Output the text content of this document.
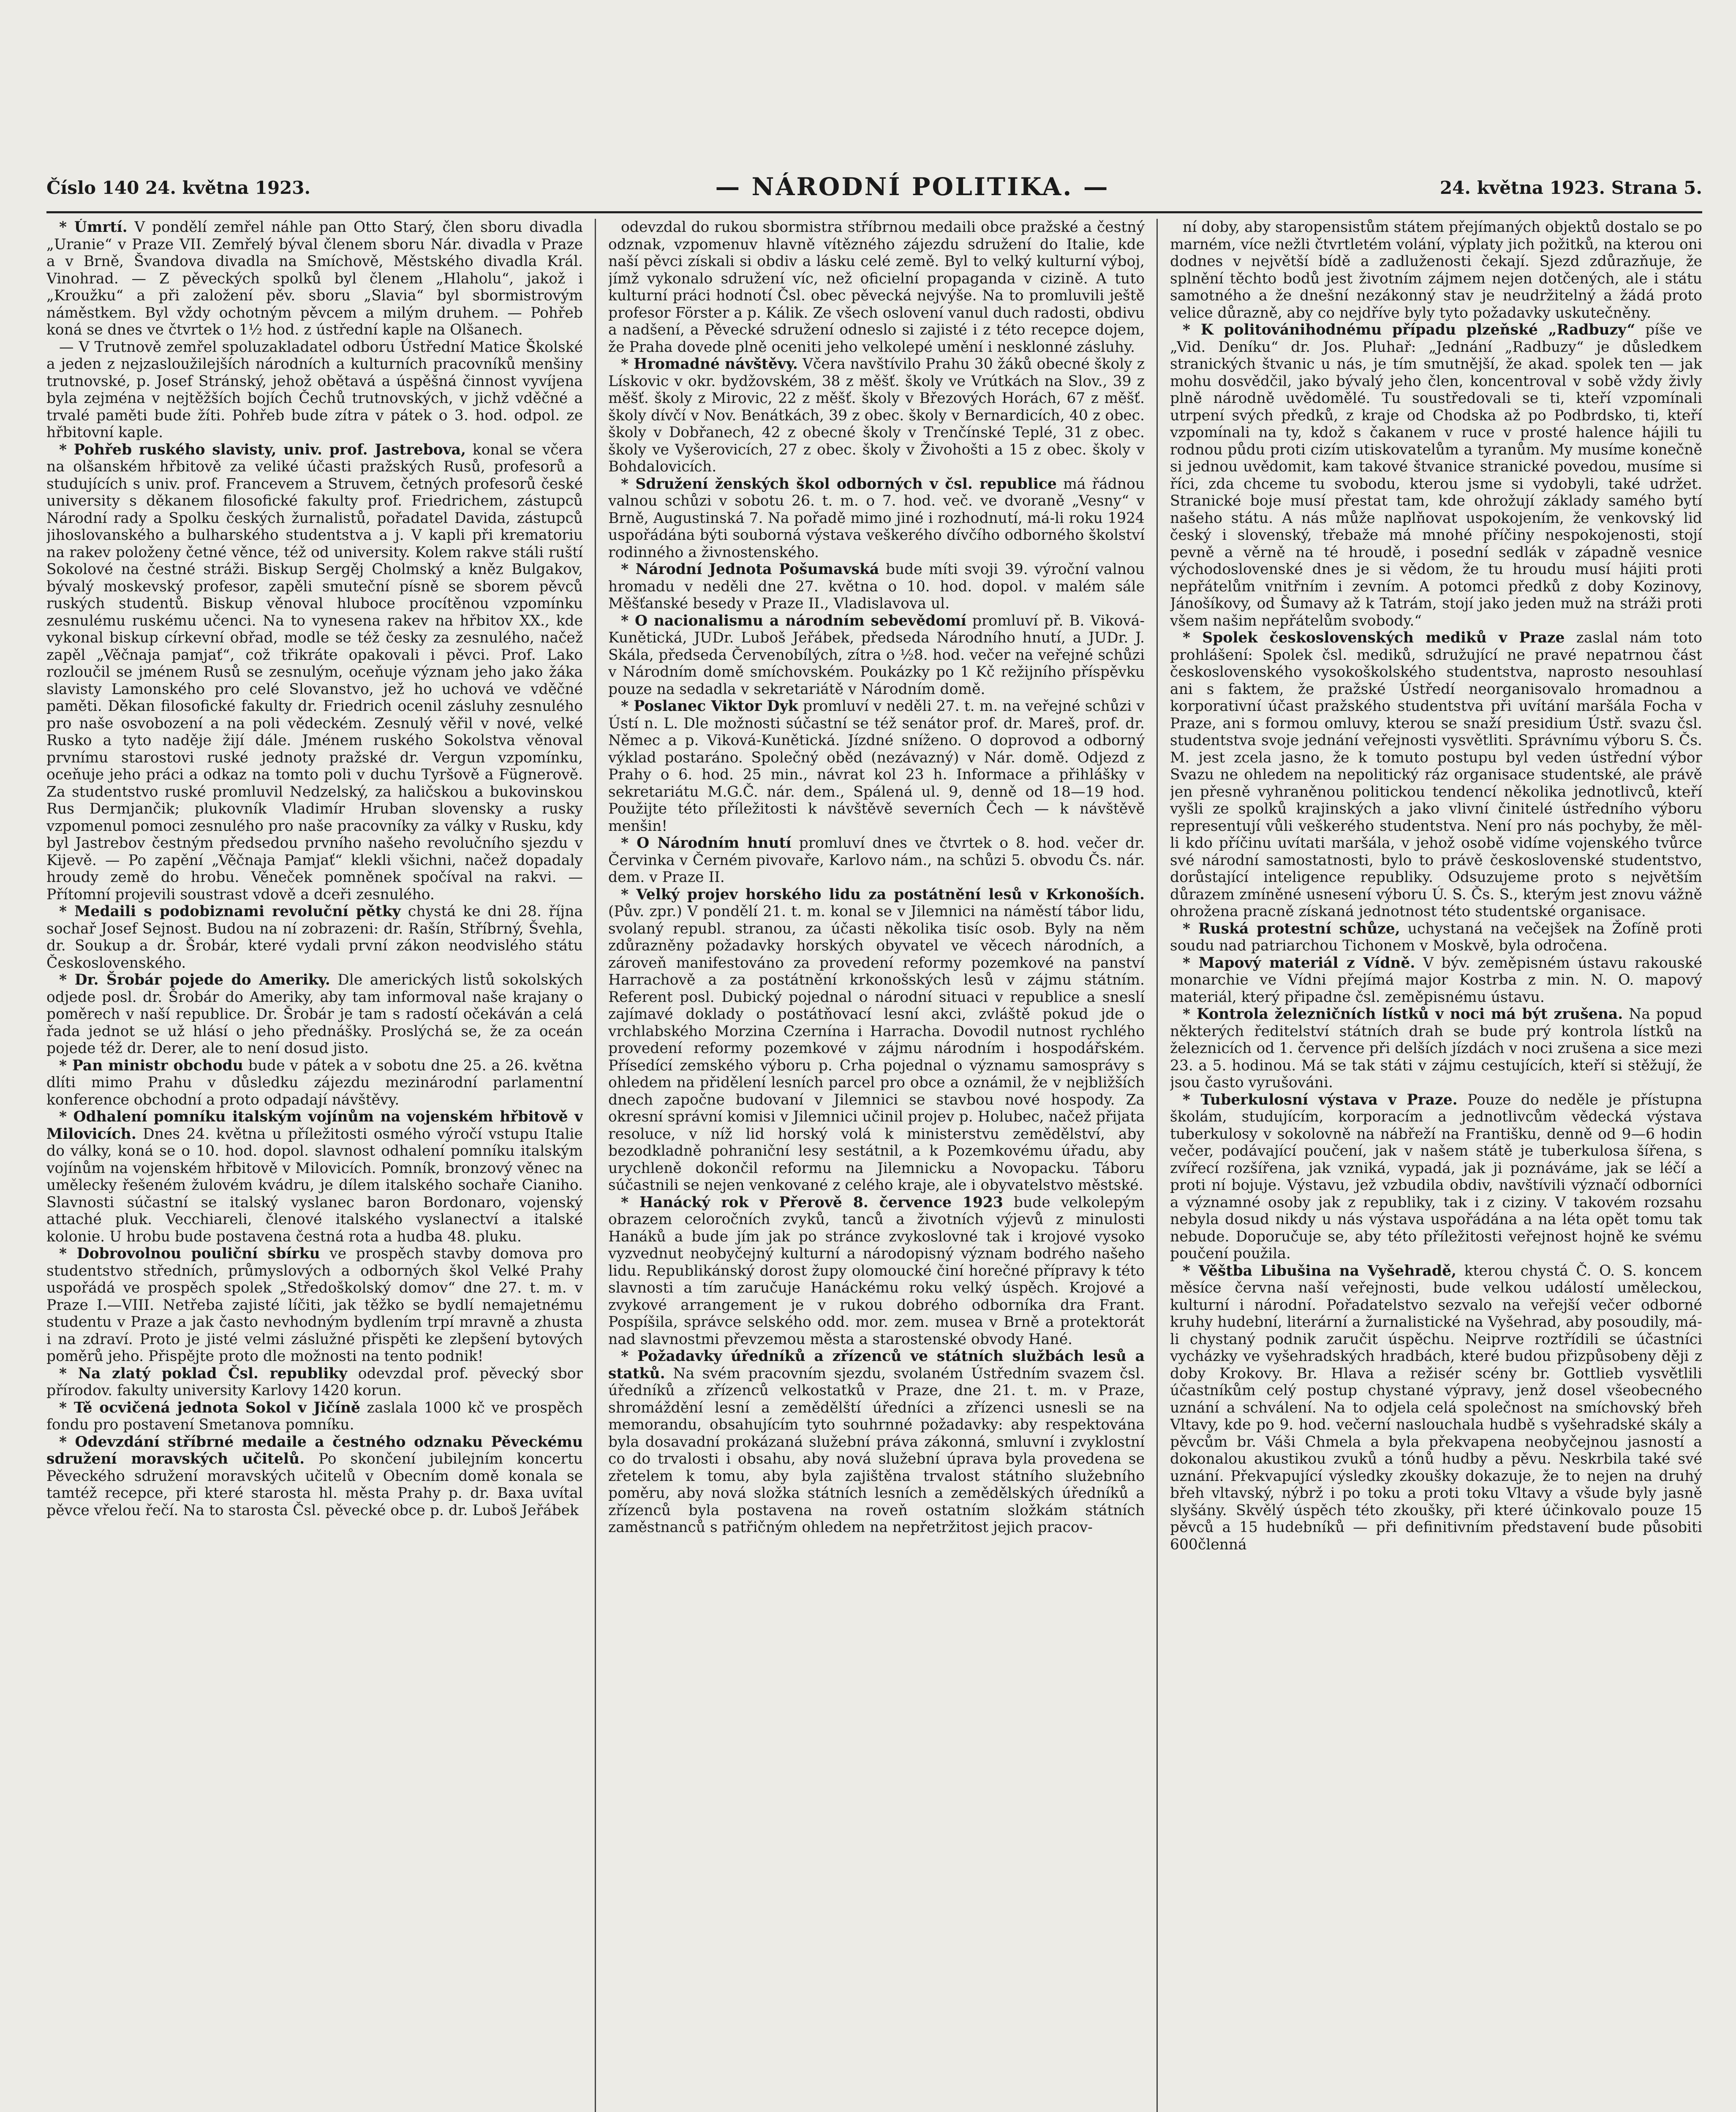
Číslo 140 24. května 1923.	— NÁRODNÍ POLITIKA. —	24. května 1923. Strana 5.

* Úmrtí. V pondělí zemřel náhle pan Otto Starý, člen sboru divadla „Uranie“ v Praze VII. Zemřelý býval členem sboru Nár. divadla v Praze a v Brně, Švandova divadla na Smíchově, Městského divadla Král. Vinohrad. — Z pěveckých spolků byl členem „Hlaholu“, jakož i „Kroužku“ a při založení pěv. sboru „Slavia“ byl sbormistrovým náměstkem. Byl vždy ochotným pěvcem a milým druhem. — Pohřeb koná se dnes ve čtvrtek o 1½ hod. z ústřední kaple na Olšanech.

— V Trutnově zemřel spoluzakladatel odboru Ústřední Matice Školské a jeden z nejzasloužilejších národních a kulturních pracovníků menšiny trutnovské, p. Josef Stránský, jehož obětavá a úspěšná činnost vyvíjena byla zejména v nejtěžších bojích Čechů trutnovských, v jichž vděčné a trvalé paměti bude žíti. Pohřeb bude zítra v pátek o 3. hod. odpol. ze hřbitovní kaple.

* Pohřeb ruského slavisty, univ. prof. Jastrebova, konal se včera na olšanském hřbitově za veliké účasti pražských Rusů, profesorů a studujících s univ. prof. Francevem a Struvem, četných profesorů české university s děkanem filosofické fakulty prof. Friedrichem, zástupců Národní rady a Spolku českých žurnalistů, pořadatel Davida, zástupců jihoslovanského a bulharského studentstva a j. V kapli při krematoriu na rakev položeny četné věnce, též od university. Kolem rakve stáli ruští Sokolové na čestné stráži. Biskup Sergěj Cholmský a kněz Bulgakov, bývalý moskevský profesor, zapěli smuteční písně se sborem pěvců ruských studentů. Biskup věnoval hluboce procítěnou vzpomínku zesnulému ruskému učenci. Na to vynesena rakev na hřbitov XX., kde vykonal biskup církevní obřad, modle se též česky za zesnulého, načež zapěl „Věčnaja pamjať“, což třikráte opakovali i pěvci. Prof. Lako rozloučil se jménem Rusů se zesnulým, oceňuje význam jeho jako žáka slavisty Lamonského pro celé Slovanstvo, jež ho uchová ve vděčné paměti. Děkan filosofické fakulty dr. Friedrich ocenil zásluhy zesnulého pro naše osvobození a na poli vědeckém. Zesnulý věřil v nové, velké Rusko a tyto naděje žijí dále. Jménem ruského Sokolstva věnoval prvnímu starostovi ruské jednoty pražské dr. Vergun vzpomínku, oceňuje jeho práci a odkaz na tomto poli v duchu Tyršově a Fügnerově. Za studentstvo ruské promluvil Nedzelský, za haličskou a bukovinskou Rus Dermjančik; plukovník Vladimír Hruban slovensky a rusky vzpomenul pomoci zesnulého pro naše pracovníky za války v Rusku, kdy byl Jastrebov čestným předsedou prvního našeho revolučního sjezdu v Kijevě. — Po zapění „Věčnaja Pamjať“ klekli všichni, načež dopadaly hroudy země do hrobu. Věneček pomněnek spočíval na rakvi. — Přítomní projevili soustrast vdově a dceři zesnulého.

* Medaili s podobiznami revoluční pětky chystá ke dni 28. října sochař Josef Sejnost. Budou na ní zobrazeni: dr. Rašín, Stříbrný, Švehla, dr. Soukup a dr. Šrobár, které vydali první zákon neodvislého státu Československého.

* Dr. Šrobár pojede do Ameriky. Dle amerických listů sokolských odjede posl. dr. Šrobár do Ameriky, aby tam informoval naše krajany o poměrech v naší republice. Dr. Šrobár je tam s radostí očekáván a celá řada jednot se už hlásí o jeho přednášky. Proslýchá se, že za oceán pojede též dr. Derer, ale to není dosud jisto.

* Pan ministr obchodu bude v pátek a v sobotu dne 25. a 26. května dlíti mimo Prahu v důsledku zájezdu mezinárodní parlamentní konference obchodní a proto odpadají návštěvy.

* Odhalení pomníku italským vojínům na vojenském hřbitově v Milovicích. Dnes 24. května u příležitosti osmého výročí vstupu Italie do války, koná se o 10. hod. dopol. slavnost odhalení pomníku italským vojínům na vojenském hřbitově v Milovicích. Pomník, bronzový věnec na umělecky řešeném žulovém kvádru, je dílem italského sochaře Cianiho. Slavnosti súčastní se italský vyslanec baron Bordonaro, vojenský attaché pluk. Vecchiareli, členové italského vyslanectví a italské kolonie. U hrobu bude postavena čestná rota a hudba 48. pluku.

* Dobrovolnou pouliční sbírku ve prospěch stavby domova pro studentstvo středních, průmyslových a odborných škol Velké Prahy uspořádá ve prospěch spolek „Středoškolský domov“ dne 27. t. m. v Praze I.—VIII. Netřeba zajisté líčiti, jak těžko se bydlí nemajetnému studentu v Praze a jak často nevhodným bydlením trpí mravně a zhusta i na zdraví. Proto je jisté velmi záslužné přispěti ke zlepšení bytových poměrů jeho. Přispějte proto dle možnosti na tento podnik!

* Na zlatý poklad Čsl. republiky odevzdal prof. pěvecký sbor přírodov. fakulty university Karlovy 1420 korun.

* Tě ocvičená jednota Sokol v Jičíně zaslala 1000 kč ve prospěch fondu pro postavení Smetanova pomníku.

* Odevzdání stříbrné medaile a čestného odznaku Pěveckému sdružení moravských učitelů. Po skončení jubilejním koncertu Pěveckého sdružení moravských učitelů v Obecním domě konala se tamtéž recepce, při které starosta hl. města Prahy p. dr. Baxa uvítal pěvce vřelou řečí. Na to starosta Čsl. pěvecké obce p. dr. Luboš Jeřábek

odevzdal do rukou sbormistra stříbrnou medaili obce pražské a čestný odznak, vzpomenuv hlavně vítězného zájezdu sdružení do Italie, kde naší pěvci získali si obdiv a lásku celé země. Byl to velký kulturní výboj, jímž vykonalo sdružení víc, než oficielní propaganda v cizině. A tuto kulturní práci hodnotí Čsl. obec pěvecká nejvýše. Na to promluvili ještě profesor Förster a p. Kálik. Ze všech oslovení vanul duch radosti, obdivu a nadšení, a Pěvecké sdružení odneslo si zajisté i z této recepce dojem, že Praha dovede plně oceniti jeho velkolepé umění i nesklonné zásluhy.

* Hromadné návštěvy. Včera navštívilo Prahu 30 žáků obecné školy z Lískovic v okr. bydžovském, 38 z měšť. školy ve Vrútkách na Slov., 39 z měšť. školy z Mirovic, 22 z měšť. školy v Březových Horách, 67 z měšť. školy dívčí v Nov. Benátkách, 39 z obec. školy v Bernardicích, 40 z obec. školy v Dobřanech, 42 z obecné školy v Trenčínské Teplé, 31 z obec. školy ve Vyšerovicích, 27 z obec. školy v Živohošti a 15 z obec. školy v Bohdalovicích.

* Sdružení ženských škol odborných v čsl. republice má řádnou valnou schůzi v sobotu 26. t. m. o 7. hod. več. ve dvoraně „Vesny“ v Brně, Augustinská 7. Na pořadě mimo jiné i rozhodnutí, má-li roku 1924 uspořádána býti souborná výstava veškerého dívčího odborného školství rodinného a živnostenského.

* Národní Jednota Pošumavská bude míti svoji 39. výroční valnou hromadu v neděli dne 27. května o 10. hod. dopol. v malém sále Měšťanské besedy v Praze II., Vladislavova ul.

* O nacionalismu a národním sebevědomí promluví př. B. Viková-Kunětická, JUDr. Luboš Jeřábek, předseda Národního hnutí, a JUDr. J. Skála, předseda Červenobílých, zítra o ½8. hod. večer na veřejné schůzi v Národním domě smíchovském. Poukázky po 1 Kč režijního příspěvku pouze na sedadla v sekretariátě v Národním domě.

* Poslanec Viktor Dyk promluví v neděli 27. t. m. na veřejné schůzi v Ústí n. L. Dle možnosti súčastní se též senátor prof. dr. Mareš, prof. dr. Němec a p. Viková-Kunětická. Jízdné sníženo. O doprovod a odborný výklad postaráno. Společný oběd (nezávazný) v Nár. domě. Odjezd z Prahy o 6. hod. 25 min., návrat kol 23 h. Informace a přihlášky v sekretariátu M.G.Č. nár. dem., Spálená ul. 9, denně od 18—19 hod. Použijte této příležitosti k návštěvě severních Čech — k návštěvě menšin!

* O Národním hnutí promluví dnes ve čtvrtek o 8. hod. večer dr. Červinka v Černém pivovaře, Karlovo nám., na schůzi 5. obvodu Čs. nár. dem. v Praze II.

* Velký projev horského lidu za postátnění lesů v Krkonoších. (Pův. zpr.) V pondělí 21. t. m. konal se v Jilemnici na náměstí tábor lidu, svolaný republ. stranou, za účasti několika tisíc osob. Byly na něm zdůrazněny požadavky horských obyvatel ve věcech národních, a zároveň manifestováno za provedení reformy pozemkové na panství Harrachově a za postátnění krkonošských lesů v zájmu státním. Referent posl. Dubický pojednal o národní situaci v republice a sneslí zajímavé doklady o postátňovací lesní akci, zvláště pokud jde o vrchlabského Morzina Czernína i Harracha. Dovodil nutnost rychlého provedení reformy pozemkové v zájmu národním i hospodářském. Přísedící zemského výboru p. Crha pojednal o významu samosprávy s ohledem na přidělení lesních parcel pro obce a oznámil, že v nejbližších dnech započne budovaní v Jilemnici se stavbou nové hospody. Za okresní správní komisi v Jilemnici učinil projev p. Holubec, načež přijata resoluce, v níž lid horský volá k ministerstvu zemědělství, aby bezodkladně pohraniční lesy sestátnil, a k Pozemkovému úřadu, aby urychleně dokončil reformu na Jilemnicku a Novopacku. Táboru súčastnili se nejen venkované z celého kraje, ale i obyvatelstvo městské.

* Hanácký rok v Přerově 8. července 1923 bude velkolepým obrazem celoročních zvyků, tanců a životních výjevů z minulosti Hanáků a bude jím jak po stránce zvykoslovné tak i krojové vysoko vyzvednut neobyčejný kulturní a národopisný význam bodrého našeho lidu. Republikánský dorost župy olomoucké činí horečné přípravy k této slavnosti a tím zaručuje Hanáckému roku velký úspěch. Krojové a zvykové arrangement je v rukou dobrého odborníka dra Frant. Pospíšila, správce selského odd. mor. zem. musea v Brně a protektorát nad slavnostmi převzemou města a starostenské obvody Hané.

* Požadavky úředníků a zřízenců ve státních službách lesů a statků. Na svém pracovním sjezdu, svolaném Ústředním svazem čsl. úředníků a zřízenců velkostatků v Praze, dne 21. t. m. v Praze, shromáždění lesní a zemědělští úředníci a zřízenci usnesli se na memorandu, obsahujícím tyto souhrnné požadavky: aby respektována byla dosavadní prokázaná služební práva zákonná, smluvní i zvyklostní co do trvalosti i obsahu, aby nová služební úprava byla provedena se zřetelem k tomu, aby byla zajištěna trvalost státního služebního poměru, aby nová složka státních lesních a zemědělských úředníků a zřízenců byla postavena na roveň ostatním složkám státních zaměstnanců s patřičným ohledem na nepřetržitost jejich pracov-

ní doby, aby staropensistům státem přejímaných objektů dostalo se po marném, více nežli čtvrtletém volání, výplaty jich požitků, na kterou oni dodnes v největší bídě a zadluženosti čekají. Sjezd zdůrazňuje, že splnění těchto bodů jest životním zájmem nejen dotčených, ale i státu samotného a že dnešní nezákonný stav je neudržitelný a žádá proto velice důrazně, aby co nejdříve byly tyto požadavky uskutečněny.

* K politovánihodnému případu plzeňské „Radbuzy“ píše ve „Vid. Deníku“ dr. Jos. Pluhař: „Jednání „Radbuzy“ je důsledkem stranických štvanic u nás, je tím smutnější, že akad. spolek ten — jak mohu dosvědčil, jako bývalý jeho člen, koncentroval v sobě vždy živly plně národně uvědomělé. Tu soustředovali se ti, kteří vzpomínali utrpení svých předků, z kraje od Chodska až po Podbrdsko, ti, kteří vzpomínali na ty, kdož s čakanem v ruce v prosté halence hájili tu rodnou půdu proti cizím utiskovatelům a tyranům. My musíme konečně si jednou uvědomit, kam takové štvanice stranické povedou, musíme si říci, zda chceme tu svobodu, kterou jsme si vydobyli, také udržet. Stranické boje musí přestat tam, kde ohrožují základy samého bytí našeho státu. A nás může naplňovat uspokojením, že venkovský lid český i slovenský, třebaže má mnohé příčiny nespokojenosti, stojí pevně a věrně na té hroudě, i posední sedlák v západně vesnice východoslovenské dnes je si vědom, že tu hroudu musí hájiti proti nepřátelům vnitřním i zevním. A potomci předků z doby Kozinovy, Jánošíkovy, od Šumavy až k Tatrám, stojí jako jeden muž na stráži proti všem našim nepřátelům svobody.“

* Spolek československých mediků v Praze zaslal nám toto prohlášení: Spolek čsl. mediků, sdružující ne pravé nepatrnou část československého vysokoškolského studentstva, naprosto nesouhlasí ani s faktem, že pražské Ústředí neorganisovalo hromadnou a korporativní účast pražského studentstva při uvítání maršála Focha v Praze, ani s formou omluvy, kterou se snaží presidium Ústř. svazu čsl. studentstva svoje jednání veřejnosti vysvětliti. Správnímu výboru S. Čs. M. jest zcela jasno, že k tomuto postupu byl veden ústřední výbor Svazu ne ohledem na nepolitický ráz organisace studentské, ale právě jen přesně vyhraněnou politickou tendencí několika jednotlivců, kteří vyšli ze spolků krajinských a jako vlivní činitelé ústředního výboru representují vůli veškerého studentstva. Není pro nás pochyby, že měl-li kdo příčinu uvítati maršála, v jehož osobě vidíme vojenského tvůrce své národní samostatnosti, bylo to právě československé studentstvo, dorůstající inteligence republiky. Odsuzujeme proto s největším důrazem zmíněné usnesení výboru Ú. S. Čs. S., kterým jest znovu vážně ohrožena pracně získaná jednotnost této studentské organisace.

* Ruská protestní schůze, uchystaná na večejšek na Žofíně proti soudu nad patriarchou Tichonem v Moskvě, byla odročena.

* Mapový materiál z Vídně. V býv. zeměpisném ústavu rakouské monarchie ve Vídni přejímá major Kostrba z min. N. O. mapový materiál, který připadne čsl. zeměpisnému ústavu.

* Kontrola železničních lístků v noci má být zrušena. Na popud některých ředitelství státních drah se bude prý kontrola lístků na železnicích od 1. července při delších jízdách v noci zrušena a sice mezi 23. a 5. hodinou. Má se tak státi v zájmu cestujících, kteří si stěžují, že jsou často vyrušováni.

* Tuberkulosní výstava v Praze. Pouze do neděle je přístupna školám, studujícím, korporacím a jednotlivcům vědecká výstava tuberkulosy v sokolovně na nábřeží na Františku, denně od 9—6 hodin večer, podávající poučení, jak v našem státě je tuberkulosa šířena, s zvířecí rozšířena, jak vzniká, vypadá, jak ji poznáváme, jak se léčí a proti ní bojuje. Výstavu, jež vzbudila obdiv, navštívili význačí odborníci a významné osoby jak z republiky, tak i z ciziny. V takovém rozsahu nebyla dosud nikdy u nás výstava uspořádána a na léta opět tomu tak nebude. Doporučuje se, aby této příležitosti veřejnost hojně ke svému poučení použila.

* Věštba Libušina na Vyšehradě, kterou chystá Č. O. S. koncem měsíce června naší veřejnosti, bude velkou událostí uměleckou, kulturní i národní. Pořadatelstvo sezvalo na veřejší večer odborné kruhy hudební, literární a žurnalistické na Vyšehrad, aby posoudily, má-li chystaný podnik zaručit úspěchu. Neiprve roztřídili se účastníci vycházky ve vyšehradských hradbách, které budou přizpůsobeny ději z doby Krokovy. Br. Hlava a režisér scény br. Gottlieb vysvětlili účastníkům celý postup chystané výpravy, jenž dosel všeobecného uznání a schválení. Na to odjela celá společnost na smíchovský břeh Vltavy, kde po 9. hod. večerní naslouchala hudbě s vyšehradské skály a pěvcům br. Váši Chmela a byla překvapena neobyčejnou jasností a dokonalou akustikou zvuků a tónů hudby a pěvu. Neskrbila také své uznání. Překvapující výsledky zkoušky dokazuje, že to nejen na druhý břeh vltavský, nýbrž i po toku a proti toku Vltavy a všude byly jasně slyšány. Skvělý úspěch této zkoušky, při které účinkovalo pouze 15 pěvců a 15 hudebníků — při definitivním představení bude působiti 600členná
